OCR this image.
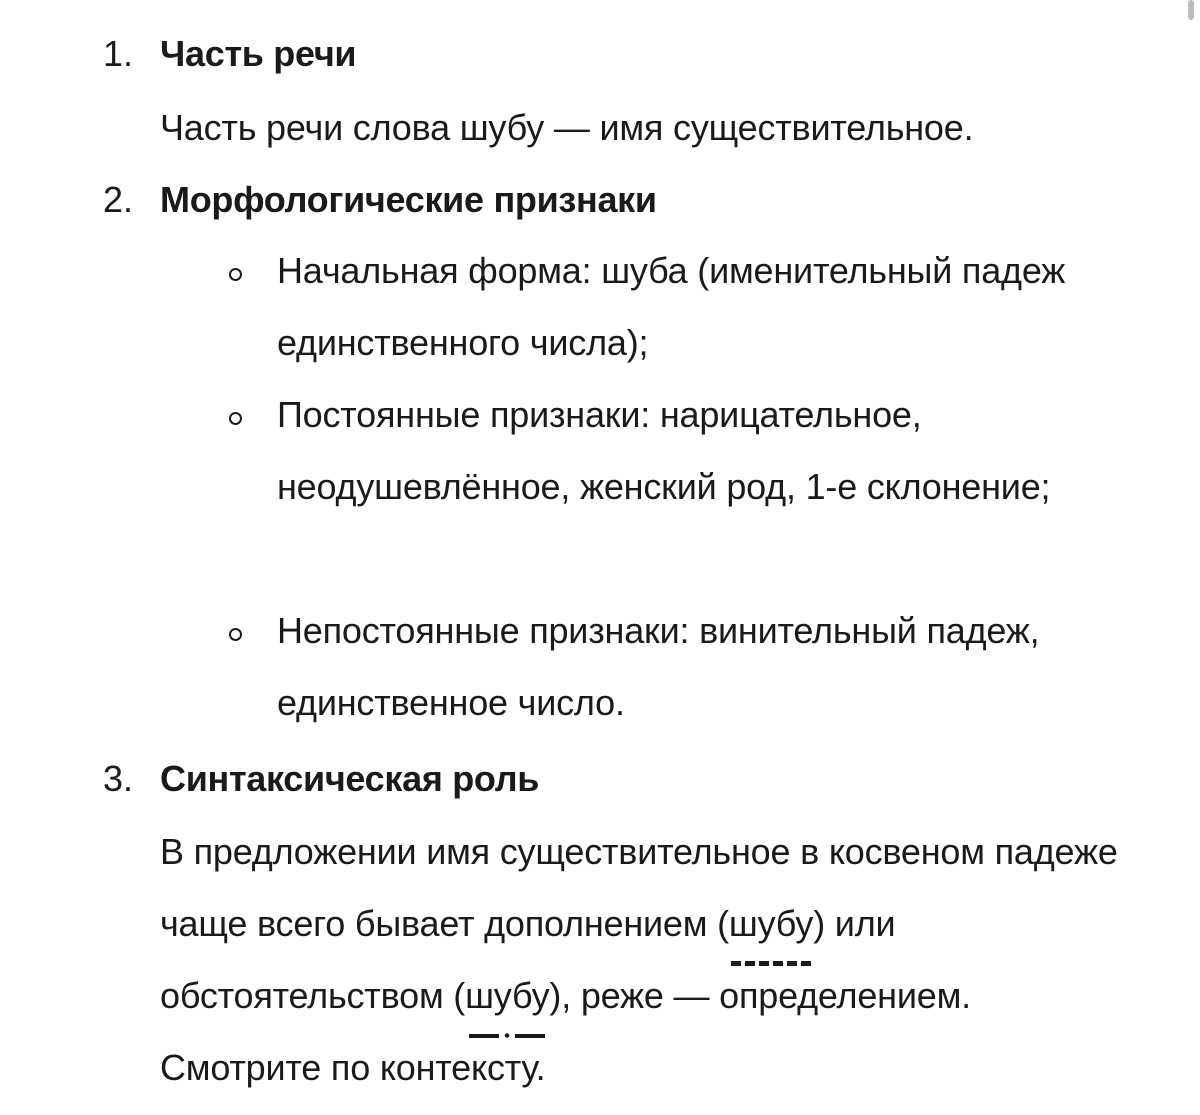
1. Часть речи
Часть речи слова шубу — имя существительное.
2. Морфологические признаки
Начальная форма: шуба (именительный падеж единственного числа);
Постоянные признаки: нарицательное, неодушевлённое, женский род, 1-е склонение;
Непостоянные признаки: винительный падеж, единственное число.
3. Синтаксическая роль
В предложении имя существительное в косвеном падеже чаще всего бывает дополнением (шубу) или обстоятельством (шубу), реже — определением. Смотрите по контексту.
